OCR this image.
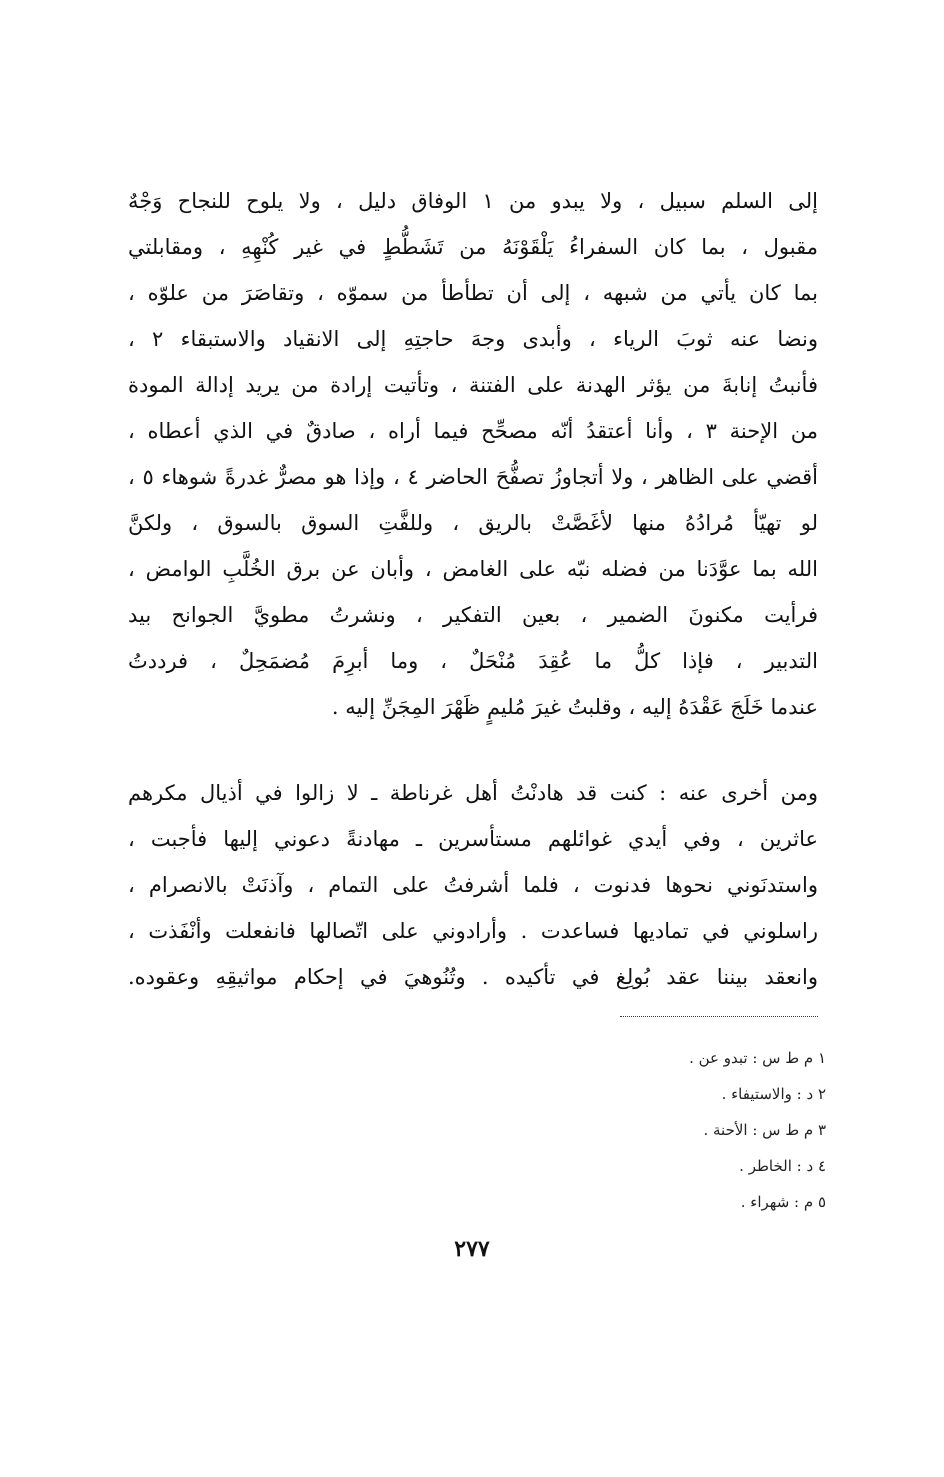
إلى السلم سبيل ، ولا يبدو من ١ الوفاق دليل ، ولا يلوح للنجاح وَجْهٌ
مقبول ، بما كان السفراءُ يَلْقَوْنَهُ من تَشَطُّطٍ في غير كُنْهِهِ ، ومقابلتي
بما كان يأتي من شبهه ، إلى أن تطأطأ من سموّه ، وتقاصَرَ من علوّه ،
ونضا عنه ثوبَ الرياء ، وأبدى وجهَ حاجتِهِ إلى الانقياد والاستبقاء ٢ ،
فأنبتُ إنابةَ من يؤثر الهدنة على الفتنة ، وتأتيت إرادة من يريد إدالة المودة
من الإحنة ٣ ، وأنا أعتقدُ أنّه مصحِّح فيما أراه ، صادقٌ في الذي أعطاه ،
أقضي على الظاهر ، ولا أتجاوزُ تصفُّحَ الحاضر ٤ ، وإذا هو مصرٌّ غدرةً شوهاء ٥ ،
لو تهيّأ مُرادُهُ منها لأغَصَّتْ بالريق ، وللفَّتِ السوق بالسوق ، ولكنَّ
الله بما عوَّدَنا من فضله نبّه على الغامض ، وأبان عن برق الخُلَّبِ الوامض ،
فرأيت مكنونَ الضمير ، بعين التفكير ، ونشرتُ مطويَّ الجوانح بيد
التدبير ، فإذا كلُّ ما عُقِدَ مُنْحَلٌ ، وما أبرِمَ مُضمَحِلٌ ، فرددتُ
عندما خَلَجَ عَقْدَهُ إليه ، وقلبتُ غيرَ مُليمٍ ظَهْرَ المِجَنِّ إليه .
ومن أخرى عنه : كنت قد هادنْتُ أهل غرناطة ـ لا زالوا في أذيال مكرهم
عاثرين ، وفي أيدي غوائلهم مستأسرين ـ مهادنةً دعوني إليها فأجبت ،
واستدنَوني نحوها فدنوت ، فلما أشرفتُ على التمام ، وآذنَتْ بالانصرام ،
راسلوني في تماديها فساعدت . وأرادوني على اتّصالها فانفعلت وأنْفَذت ،
وانعقد بيننا عقد بُولِغ في تأكيده . وتُنُوهيَ في إحكام مواثيقِهِ وعقوده.
١ م ط س : تبدو عن .
٢ د : والاستيفاء .
٣ م ط س : الأحنة .
٤ د : الخاطر .
٥ م : شهراء .
٢٧٧
